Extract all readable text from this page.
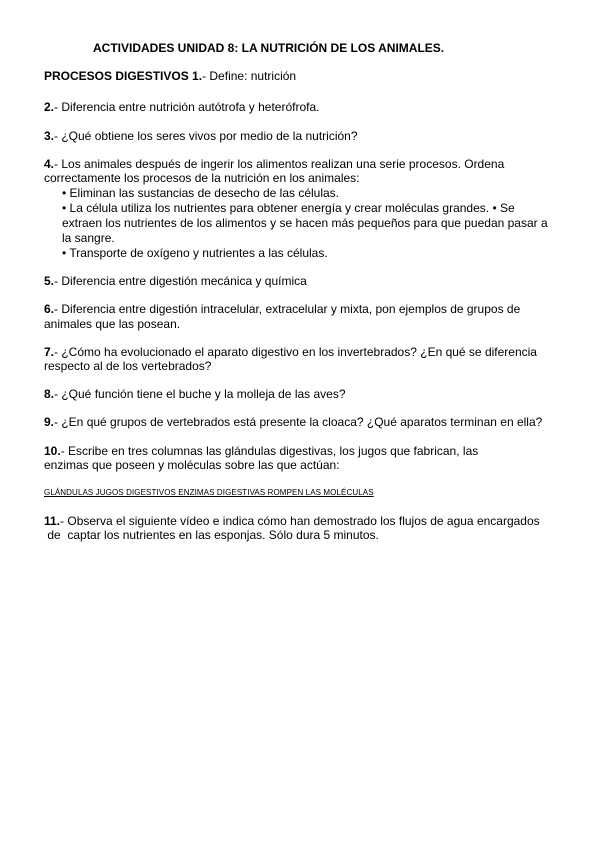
ACTIVIDADES UNIDAD 8: LA NUTRICIÓN DE LOS ANIMALES.
PROCESOS DIGESTIVOS 1.- Define: nutrición
2.- Diferencia entre nutrición autótrofa y heterófrofa.
3.- ¿Qué obtiene los seres vivos por medio de la nutrición?
4.- Los animales después de ingerir los alimentos realizan una serie procesos. Ordena
correctamente los procesos de la nutrición en los animales:
• Eliminan las sustancias de desecho de las células.
• La célula utiliza los nutrientes para obtener energía y crear moléculas grandes. • Se
extraen los nutrientes de los alimentos y se hacen más pequeños para que puedan pasar a
la sangre.
• Transporte de oxígeno y nutrientes a las células.
5.- Diferencia entre digestión mecánica y química
6.- Diferencia entre digestión intracelular, extracelular y mixta, pon ejemplos de grupos de
animales que las posean.
7.- ¿Cómo ha evolucionado el aparato digestivo en los invertebrados? ¿En qué se diferencia
respecto al de los vertebrados?
8.- ¿Qué función tiene el buche y la molleja de las aves?
9.- ¿En qué grupos de vertebrados está presente la cloaca? ¿Qué aparatos terminan en ella?
10.- Escribe en tres columnas las glándulas digestivas, los jugos que fabrican, las
enzimas que poseen y moléculas sobre las que actúan:
GLÁNDULAS JUGOS DIGESTIVOS ENZIMAS DIGESTIVAS ROMPEN LAS MOLÉCULAS
11.- Observa el siguiente vídeo e indica cómo han demostrado los flujos de agua encargados
de  captar los nutrientes en las esponjas. Sólo dura 5 minutos.
